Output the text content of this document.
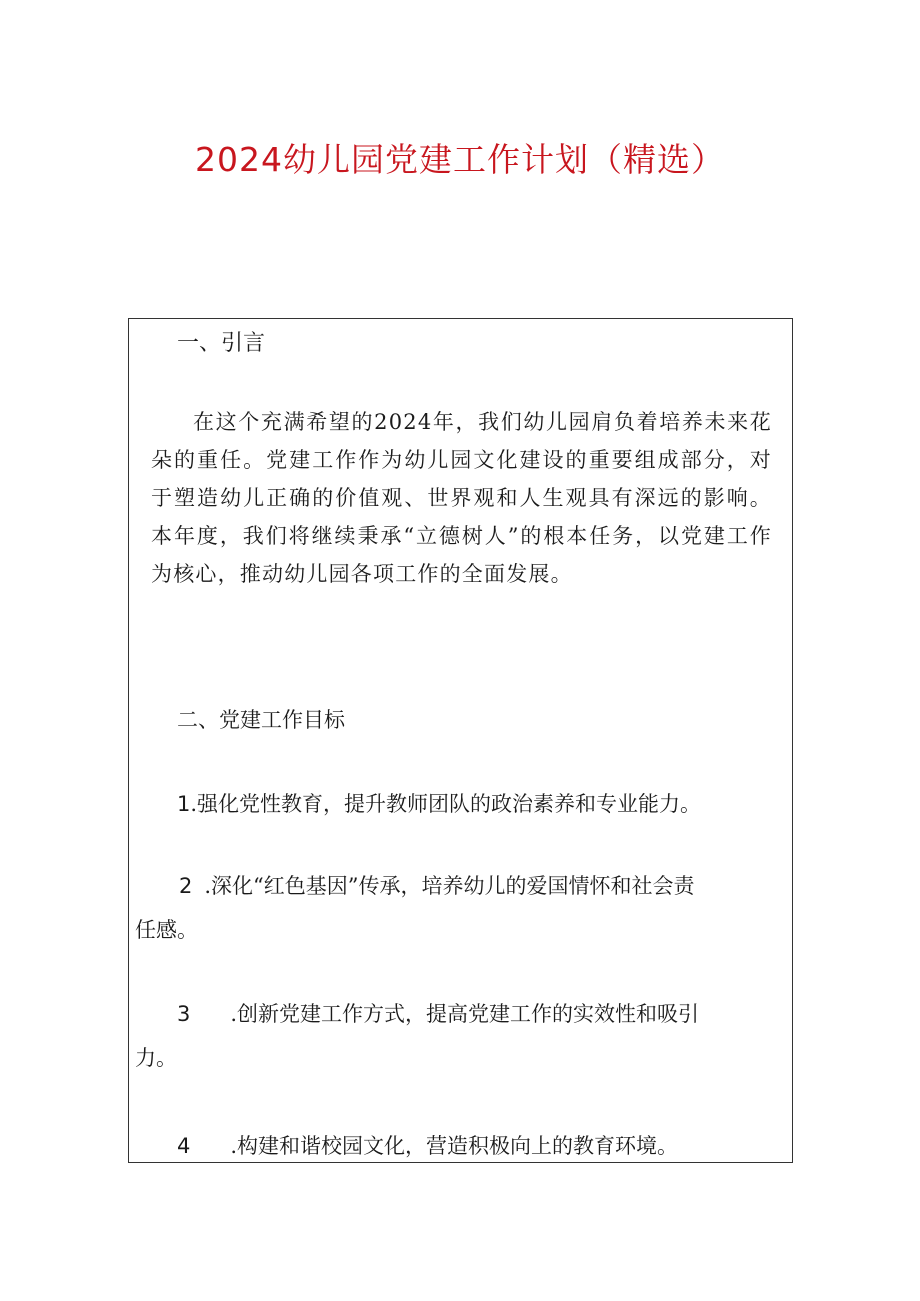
2024幼儿园党建工作计划（精选）
一、引言

在这个充满希望的2024年，我们幼儿园肩负着培养未来花朵的重任。党建工作作为幼儿园文化建设的重要组成部分，对于塑造幼儿正确的价值观、世界观和人生观具有深远的影响。本年度，我们将继续秉承“立德树人”的根本任务，以党建工作为核心，推动幼儿园各项工作的全面发展。

二、党建工作目标
1.强化党性教育，提升教师团队的政治素养和专业能力。
2 .深化“红色基因”传承，培养幼儿的爱国情怀和社会责
任感。
3 .创新党建工作方式，提高党建工作的实效性和吸引
力。
4 .构建和谐校园文化，营造积极向上的教育环境。
